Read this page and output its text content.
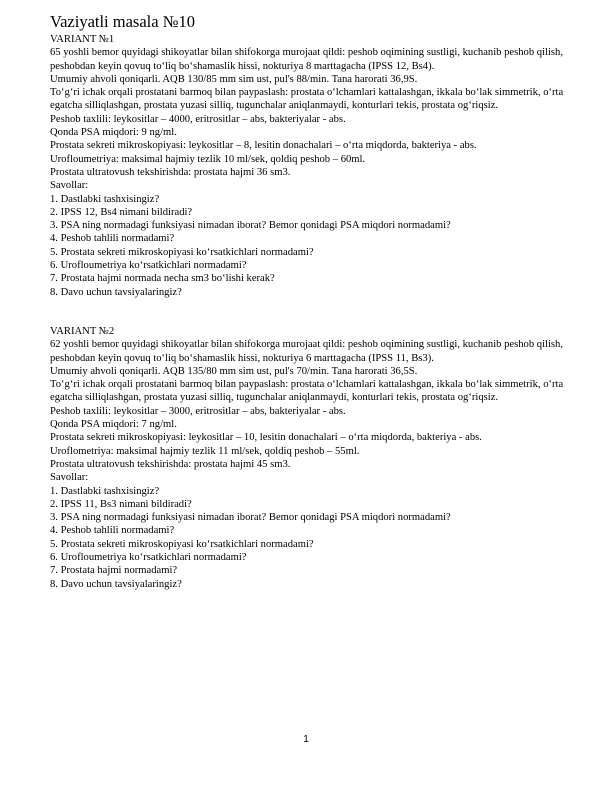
Vaziyatli masala №10

VARIANT №1

65 yoshli bemor quyidagi shikoyatlar bilan shifokorga murojaat qildi: peshob oqimining sustligi, kuchanib peshob qilish, peshobdan keyin qovuq to‘liq bo‘shamaslik hissi, nokturiya 8 marttagacha (IPSS 12, Bs4).

Umumiy ahvoli qoniqarli. AQB 130/85 mm sim ust, pul's 88/min. Tana harorati 36,9S.

To‘g‘ri ichak orqali prostatani barmoq bilan paypaslash: prostata o‘lchamlari kattalashgan, ikkala bo‘lak simmetrik, o‘rta egatcha silliqlashgan, prostata yuzasi silliq, tugunchalar aniqlanmaydi, konturlari tekis, prostata og‘riqsiz.

Peshob taxlili: leykositlar – 4000, eritrositlar – abs, bakteriyalar - abs.

Qonda PSA miqdori: 9 ng/ml.

Prostata sekreti mikroskopiyasi: leykositlar – 8, lesitin donachalari – o‘rta miqdorda, bakteriya - abs.

Urofloumetriya: maksimal hajmiy tezlik 10 ml/sek, qoldiq peshob – 60ml.

Prostata ultratovush tekshirishda: prostata hajmi 36 sm3.

Savollar:

1. Dastlabki tashxisingiz?
2. IPSS 12, Bs4 nimani bildiradi?
3. PSA ning normadagi funksiyasi nimadan iborat? Bemor qonidagi PSA miqdori normadami?
4. Peshob tahlili normadami?
5. Prostata sekreti mikroskopiyasi ko‘rsatkichlari normadami?
6. Urofloumetriya ko‘rsatkichlari normadami?
7. Prostata hajmi normada necha sm3 bo‘lishi kerak?
8. Davo uchun tavsiyalaringiz?

VARIANT №2

62 yoshli bemor quyidagi shikoyatlar bilan shifokorga murojaat qildi: peshob oqimining sustligi, kuchanib peshob qilish, peshobdan keyin qovuq to‘liq bo‘shamaslik hissi, nokturiya 6 marttagacha (IPSS 11, Bs3).

Umumiy ahvoli qoniqarli. AQB 135/80 mm sim ust, pul's 70/min. Tana harorati 36,5S.

To‘g‘ri ichak orqali prostatani barmoq bilan paypaslash: prostata o‘lchamlari kattalashgan, ikkala bo‘lak simmetrik, o‘rta egatcha silliqlashgan, prostata yuzasi silliq, tugunchalar aniqlanmaydi, konturlari tekis, prostata og‘riqsiz.

Peshob taxlili: leykositlar – 3000, eritrositlar – abs, bakteriyalar - abs.

Qonda PSA miqdori: 7 ng/ml.

Prostata sekreti mikroskopiyasi: leykositlar – 10, lesitin donachalari – o‘rta miqdorda, bakteriya - abs.

Uroflometriya: maksimal hajmiy tezlik 11 ml/sek, qoldiq peshob – 55ml.

Prostata ultratovush tekshirishda: prostata hajmi 45 sm3.

Savollar:

1. Dastlabki tashxisingiz?
2. IPSS 11, Bs3 nimani bildiradi?
3. PSA ning normadagi funksiyasi nimadan iborat? Bemor qonidagi PSA miqdori normadami?
4. Peshob tahlili normadami?
5. Prostata sekreti mikroskopiyasi ko‘rsatkichlari normadami?
6. Urofloumetriya ko‘rsatkichlari normadami?
7. Prostata hajmi normadami?
8. Davo uchun tavsiyalaringiz?
1
